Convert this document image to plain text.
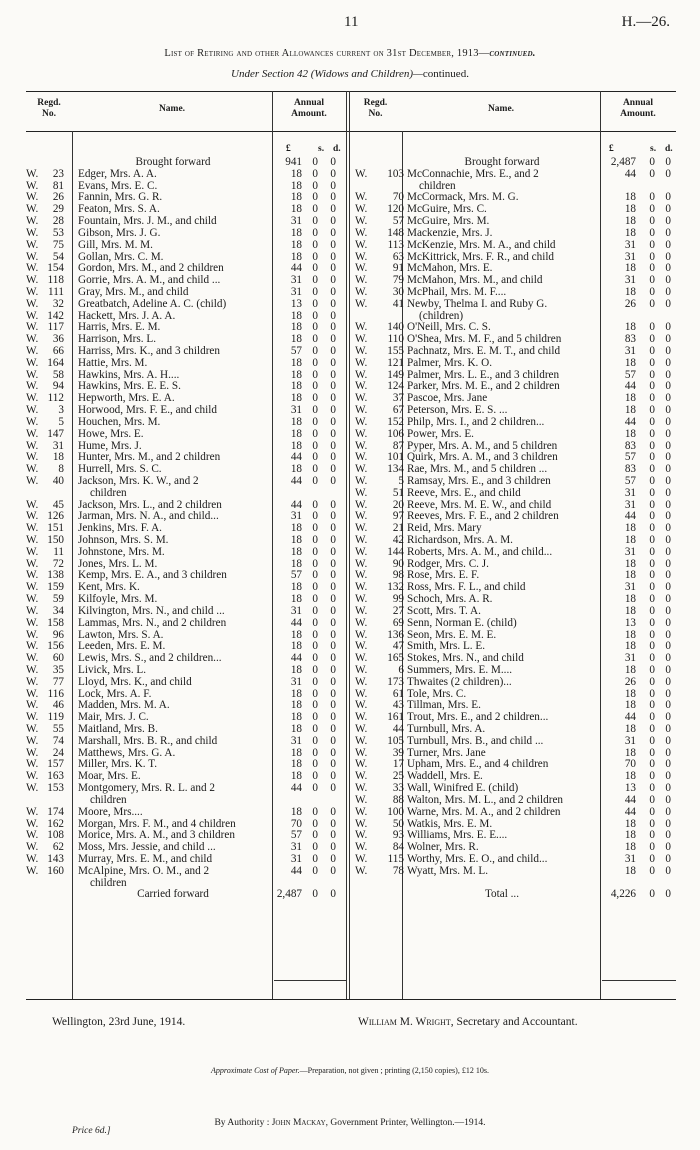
11	H.—26.
List of Retiring and other Allowances current on 31st December, 1913—continued.
Under Section 42 (Widows and Children)—continued.
Regd.
No.	Name.
Annual
Amount.
Regd.
No.	Name.
Annual
Amount.
£	s. d.	£	s. d.
Brought forward	941 0	0
W.	23 Edger, Mrs. A. A.	18 0	0
W.	81 Evans, Mrs. E. C.	18 0	0
W.	26 Fannin, Mrs. G. R.	18 0	0
W.	29 Featon, Mrs. S. A.	18 0	0
W.	28 Fountain, Mrs. J. M., and child	31 0	0
W.	53 Gibson, Mrs. J. G.	18 0	0
W.	75 Gill, Mrs. M. M.	18 0	0
W.	54 Gollan, Mrs. C. M.	18 0	0
W. 154 Gordon, Mrs. M., and 2 children	44 0	0
W. 118 Gorrie, Mrs. A. M., and child ...	31 0	0
W. 111 Gray, Mrs. M., and child	31 0	0
W.	32 Greatbatch, Adeline A. C. (child)	13 0	0
W. 142 Hackett, Mrs. J. A. A.	18 0	0
W. 117 Harris, Mrs. E. M.	18 0	0
W.	36 Harrison, Mrs. L.	18 0	0
W.	66 Harriss, Mrs. K., and 3 children	57 0	0
W. 164 Hattie, Mrs. M.	18 0	0
W.	58 Hawkins, Mrs. A. H....	18 0	0
W.	94 Hawkins, Mrs. E. E. S.	18 0	0
W. 112 Hepworth, Mrs. E. A.	18 0	0
W.	3 Horwood, Mrs. F. E., and child	31 0	0
W.	5 Houchen, Mrs. M.	18 0	0
W. 147 Howe, Mrs. E.	18 0	0
W.	31 Hume, Mrs. J.	18 0	0
W.	18 Hunter, Mrs. M., and 2 children	44 0	0
W.	8 Hurrell, Mrs. S. C.	18 0	0
W.	40 Jackson, Mrs. K. W., and 2	44 0	0
children
W.	45 Jackson, Mrs. L., and 2 children	44 0	0
W. 126 Jarman, Mrs. N. A., and child...	31 0	0
W. 151 Jenkins, Mrs. F. A.	18 0	0
W. 150 Johnson, Mrs. S. M.	18 0	0
W.	11 Johnstone, Mrs. M.	18 0	0
W.	72 Jones, Mrs. L. M.	18 0	0
W. 138 Kemp, Mrs. E. A., and 3 children	57 0	0
W. 159 Kent, Mrs. K.	18 0	0
W.	59 Kilfoyle, Mrs. M.	18 0	0
W.	34 Kilvington, Mrs. N., and child ...	31 0	0
W. 158 Lammas, Mrs. N., and 2 children	44 0	0
W.	96 Lawton, Mrs. S. A.	18 0	0
W. 156 Leeden, Mrs. E. M.	18 0	0
W.	60 Lewis, Mrs. S., and 2 children...	44 0	0
W.	35 Livick, Mrs. L.	18 0	0
W.	77 Lloyd, Mrs. K., and child	31 0	0
W. 116 Lock, Mrs. A. F.	18 0	0
W.	46 Madden, Mrs. M. A.	18 0	0
W. 119 Mair, Mrs. J. C.	18 0	0
W.	55 Maitland, Mrs. B.	18 0	0
W.	74 Marshall, Mrs. B. R., and child	31 0	0
W.	24 Matthews, Mrs. G. A.	18 0	0
W. 157 Miller, Mrs. K. T.	18 0	0
W. 163 Moar, Mrs. E.	18 0	0
W. 153 Montgomery, Mrs. R. L. and 2	44 0	0
children
W. 174 Moore, Mrs....	18 0	0
W. 162 Morgan, Mrs. F. M., and 4 children	70 0	0
W. 108 Morice, Mrs. A. M., and 3 children	57 0	0
W.	62 Moss, Mrs. Jessie, and child ...	31 0	0
W. 143 Murray, Mrs. E. M., and child	31 0	0
W. 160 McAlpine, Mrs. O. M., and 2	44 0	0
children
Carried forward	2,487 0	0
Brought forward	2,487	0 0
W. 103 McConnachie, Mrs. E., and 2	44	0 0
children
W.	70 McCormack, Mrs. M. G.	18	0 0
W. 120 McGuire, Mrs. C.	18	0 0
W.	57 McGuire, Mrs. M.	18	0 0
W. 148 Mackenzie, Mrs. J.	18	0 0
W.	113 McKenzie, Mrs. M. A., and child	31	0 0
W.	63 McKittrick, Mrs. F. R., and child	31	0 0
W.	91 McMahon, Mrs. E.	18	0 0
W.	79 McMahon, Mrs. M., and child	31	0 0
W.	30 McPhail, Mrs. M. F....	18	0 0
W.	41 Newby, Thelma I. and Ruby G.	26	0 0
(children)
W. 140 O'Neill, Mrs. C. S.	18	0 0
W.	110 O'Shea, Mrs. M. F., and 5 children	83	0 0
W. 155 Pachnatz, Mrs. E. M. T., and child	31	0 0
W. 121 Palmer, Mrs. K. O.	18	0 0
W. 149 Palmer, Mrs. L. E., and 3 children	57	0 0
W. 124 Parker, Mrs. M. E., and 2 children	44	0 0
W.	37 Pascoe, Mrs. Jane	18	0 0
W.	67 Peterson, Mrs. E. S. ...	18	0 0
W. 152 Philp, Mrs. I., and 2 children...	44	0 0
W. 106 Power, Mrs. E.	18	0 0
W.	87 Pyper, Mrs. A. M., and 5 children	83	0 0
W. 101 Quirk, Mrs. A. M., and 3 children	57	0 0
W. 134 Rae, Mrs. M., and 5 children ...	83	0 0
W.	5 Ramsay, Mrs. E., and 3 children	57	0 0
W.	51 Reeve, Mrs. E., and child	31	0 0
W.	20 Reeve, Mrs. M. E. W., and child	31	0 0
W.	97 Reeves, Mrs. F. E., and 2 children	44	0 0
W.	21 Reid, Mrs. Mary	18	0 0
W.	42 Richardson, Mrs. A. M.	18	0 0
W. 144 Roberts, Mrs. A. M., and child...	31	0 0
W.	90 Rodger, Mrs. C. J.	18	0 0
W.	98 Rose, Mrs. E. F.	18	0 0
W. 132 Ross, Mrs. F. L., and child	31	0 0
W.	99 Schoch, Mrs. A. R.	18	0 0
W.	27 Scott, Mrs. T. A.	18	0 0
W.	69 Senn, Norman E. (child)	13	0 0
W. 136 Seon, Mrs. E. M. E.	18	0 0
W.	47 Smith, Mrs. L. E.	18	0 0
W. 165 Stokes, Mrs. N., and child	31	0 0
W.	6 Summers, Mrs. E. M....	18	0 0
W. 173 Thwaites (2 children)...	26	0 0
W.	61 Tole, Mrs. C.	18	0 0
W.	43 Tillman, Mrs. E.	18	0 0
W. 161 Trout, Mrs. E., and 2 children...	44	0 0
W.	44 Turnbull, Mrs. A.	18	0 0
W. 105 Turnbull, Mrs. B., and child ...	31	0 0
W.	39 Turner, Mrs. Jane	18	0 0
W.	17 Upham, Mrs. E., and 4 children	70	0 0
W.	25 Waddell, Mrs. E.	18	0 0
W.	33 Wall, Winifred E. (child)	13	0 0
W.	88 Walton, Mrs. M. L., and 2 children	44	0 0
W. 100 Warne, Mrs. M. A., and 2 children	44	0 0
W.	50 Watkis, Mrs. E. M.	18	0 0
W.	93 Williams, Mrs. E. E....	18	0 0
W.	84 Wolner, Mrs. R.	18	0 0
W.	115 Worthy, Mrs. E. O., and child...	31	0 0
W.	78 Wyatt, Mrs. M. L.	18	0 0
Total ...	4,226	0 0
Wellington, 23rd June, 1914.	William M. Wright, Secretary and Accountant.
Approximate Cost of Paper.—Preparation, not given ; printing (2,150 copies), £12 10s.
By Authority : John Mackay, Government Printer, Wellington.—1914.
Price 6d.]
